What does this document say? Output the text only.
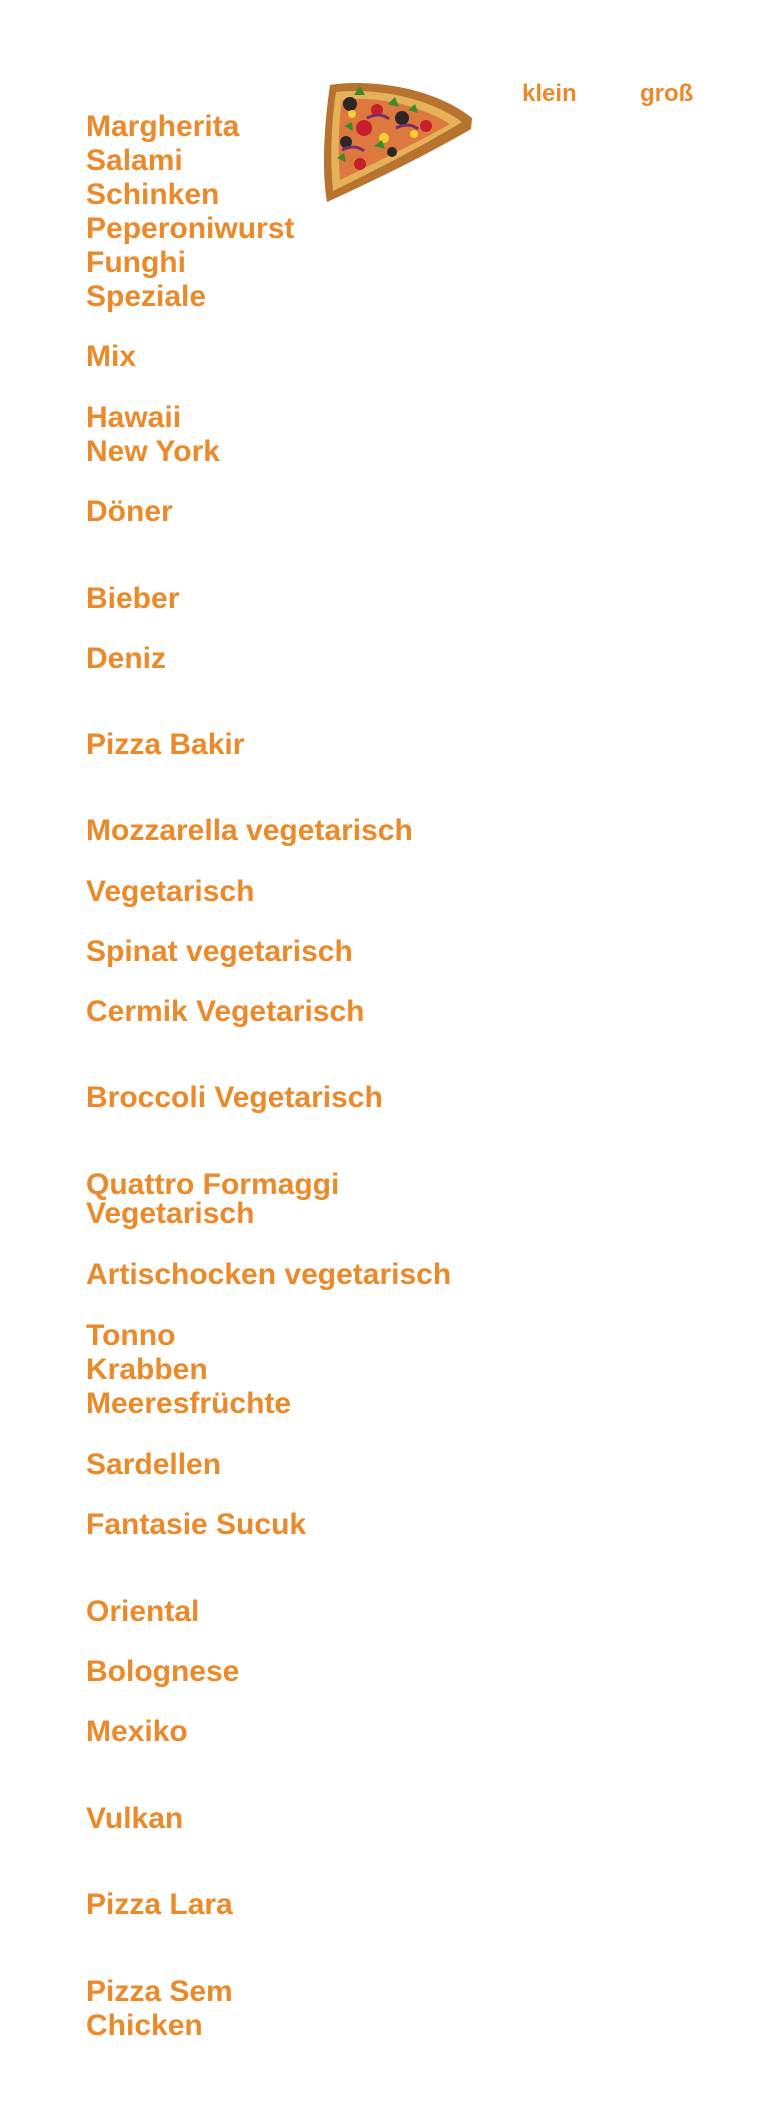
klein	groß

Margherita

Salami

Schinken

Peperoniwurst

Funghi

Speziale

Mix

Hawaii

New York

Döner

Bieber

Deniz

Pizza Bakir

Mozzarella vegetarisch

Vegetarisch

Spinat vegetarisch

Cermik Vegetarisch

Broccoli Vegetarisch

Quattro Formaggi Vegetarisch

Artischocken vegetarisch

Tonno

Krabben

Meeresfrüchte

Sardellen

Fantasie Sucuk

Oriental

Bolognese

Mexiko

Vulkan

Pizza Lara

Pizza Sem

Chicken
